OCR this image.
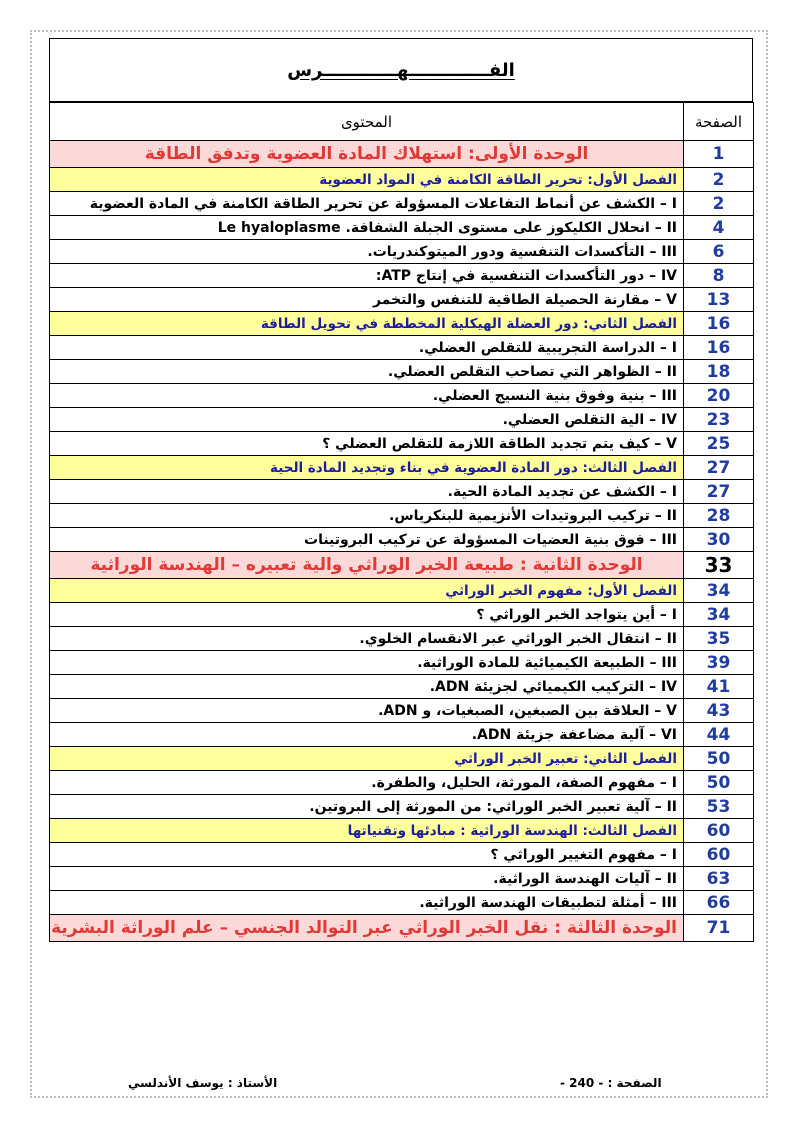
الفـــــــــــــهــــــــــــرس
المحتوى	الصفحة
الوحدة الأولى: استهلاك المادة العضوية وتدفق الطاقة	1
الفصل الأول: تحرير الطاقة الكامنة في المواد العضوية	2
I – الكشف عن أنماط التفاعلات المسؤولة عن تحرير الطاقة الكامنة في المادة العضوية	2
II – انحلال الكليكوز على مستوى الجبلة الشفافة. Le hyaloplasme	4
III – التأكسدات التنفسية ودور الميتوكندريات.	6
IV – دور التأكسدات التنفسية في إنتاج ATP:	8
V – مقارنة الحصيلة الطاقية للتنفس والتخمر	13
الفصل الثاني: دور العضلة الهيكلية المخططة في تحويل الطاقة	16
I – الدراسة التجريبية للتقلص العضلي.	16
II – الظواهر التي تصاحب التقلص العضلي.	18
III – بنية وفوق بنية النسيج العضلي.	20
IV – الية التقلص العضلي.	23
V – كيف يتم تجديد الطاقة اللازمة للتقلص العضلي ؟	25
الفصل الثالث: دور المادة العضوية في بناء وتجديد المادة الحية	27
I – الكشف عن تجديد المادة الحية.	27
II – تركيب البروتيدات الأنزيمية للبنكرياس.	28
III – فوق بنية العضيات المسؤولة عن تركيب البروتينات	30
الوحدة الثانية : طبيعة الخبر الوراثي والية تعبيره – الهندسة الوراثية	33
الفصل الأول: مفهوم الخبر الوراثي	34
I – أين يتواجد الخبر الوراثي ؟	34
II – انتقال الخبر الوراثي عبر الانقسام الخلوي.	35
III – الطبيعة الكيميائية للمادة الوراثية.	39
IV – التركيب الكيميائي لجزيئة ADN.	41
V – العلاقة بين الصبغين، الصبغيات، و ADN.	43
VI – آلية مضاعفة جزيئة ADN.	44
الفصل الثاني: تعبير الخبر الوراثي	50
I – مفهوم الصفة، المورثة، الحليل، والطفرة.	50
II – آلية تعبير الخبر الوراثي: من المورثة إلى البروتين.	53
الفصل الثالث: الهندسة الوراثية : مبادئها وتقنياتها	60
I – مفهوم التغيير الوراثي ؟	60
II – آليات الهندسة الوراثية.	63
III – أمثلة لتطبيقات الهندسة الوراثية.	66
الوحدة الثالثة : نقل الخبر الوراثي عبر التوالد الجنسي – علم الوراثة البشرية	71
الصفحة : - 240 -
الأستاذ : يوسف الأندلسي
